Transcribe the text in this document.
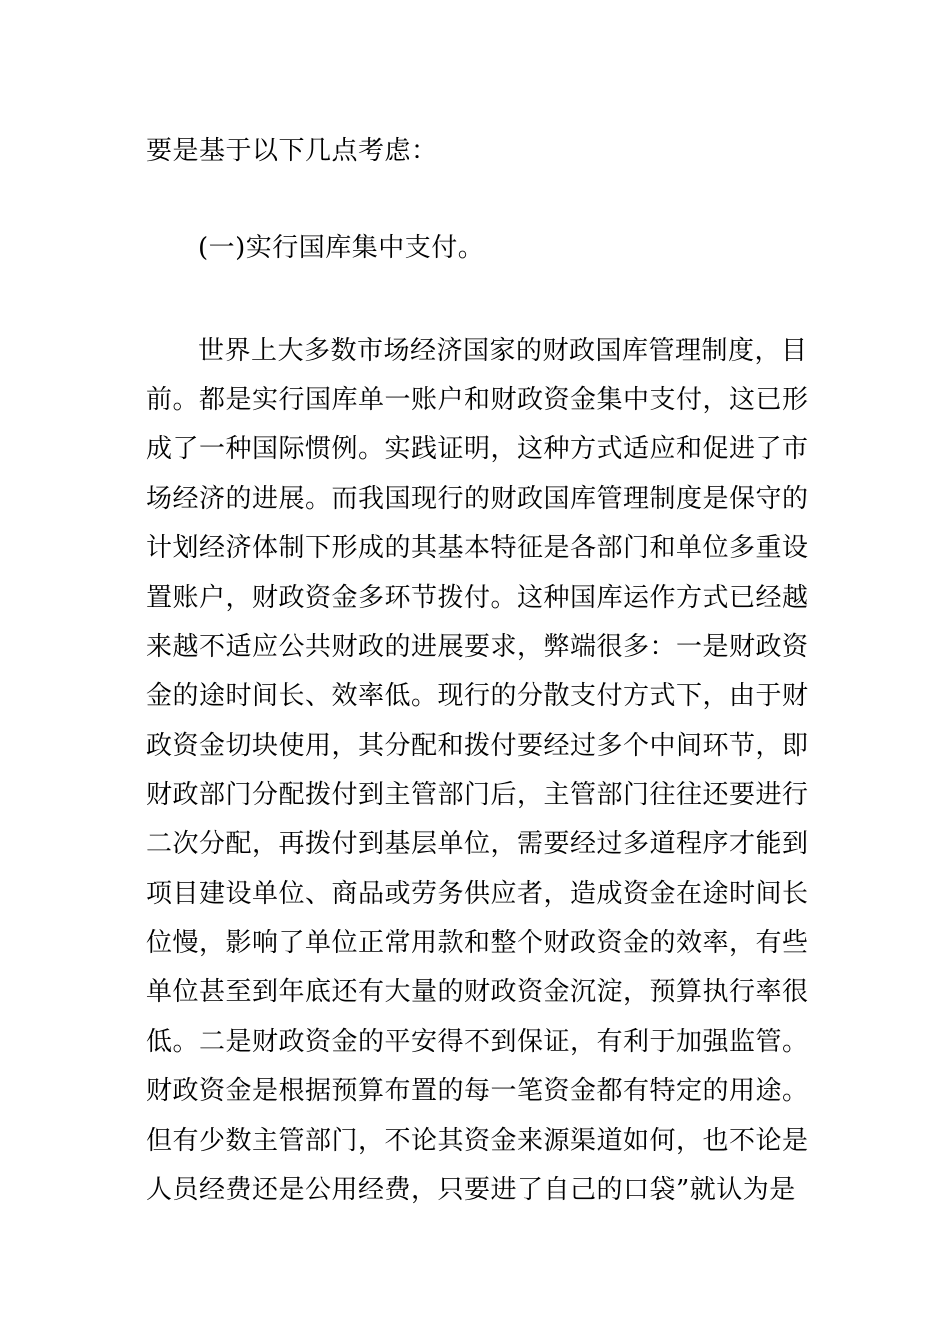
要是基于以下几点考虑：
(一)实行国库集中支付。
世界上大多数市场经济国家的财政国库管理制度，目
前。都是实行国库单一账户和财政资金集中支付，这已形
成了一种国际惯例。实践证明，这种方式适应和促进了市
场经济的进展。而我国现行的财政国库管理制度是保守的
计划经济体制下形成的其基本特征是各部门和单位多重设
置账户，财政资金多环节拨付。这种国库运作方式已经越
来越不适应公共财政的进展要求，弊端很多：一是财政资
金的途时间长、效率低。现行的分散支付方式下，由于财
政资金切块使用，其分配和拨付要经过多个中间环节，即
财政部门分配拨付到主管部门后，主管部门往往还要进行
二次分配，再拨付到基层单位，需要经过多道程序才能到
项目建设单位、商品或劳务供应者，造成资金在途时间长
位慢，影响了单位正常用款和整个财政资金的效率，有些
单位甚至到年底还有大量的财政资金沉淀，预算执行率很
低。二是财政资金的平安得不到保证，有利于加强监管。
财政资金是根据预算布置的每一笔资金都有特定的用途。
但有少数主管部门，不论其资金来源渠道如何，也不论是
人员经费还是公用经费，只要进了自己的口袋”就认为是
